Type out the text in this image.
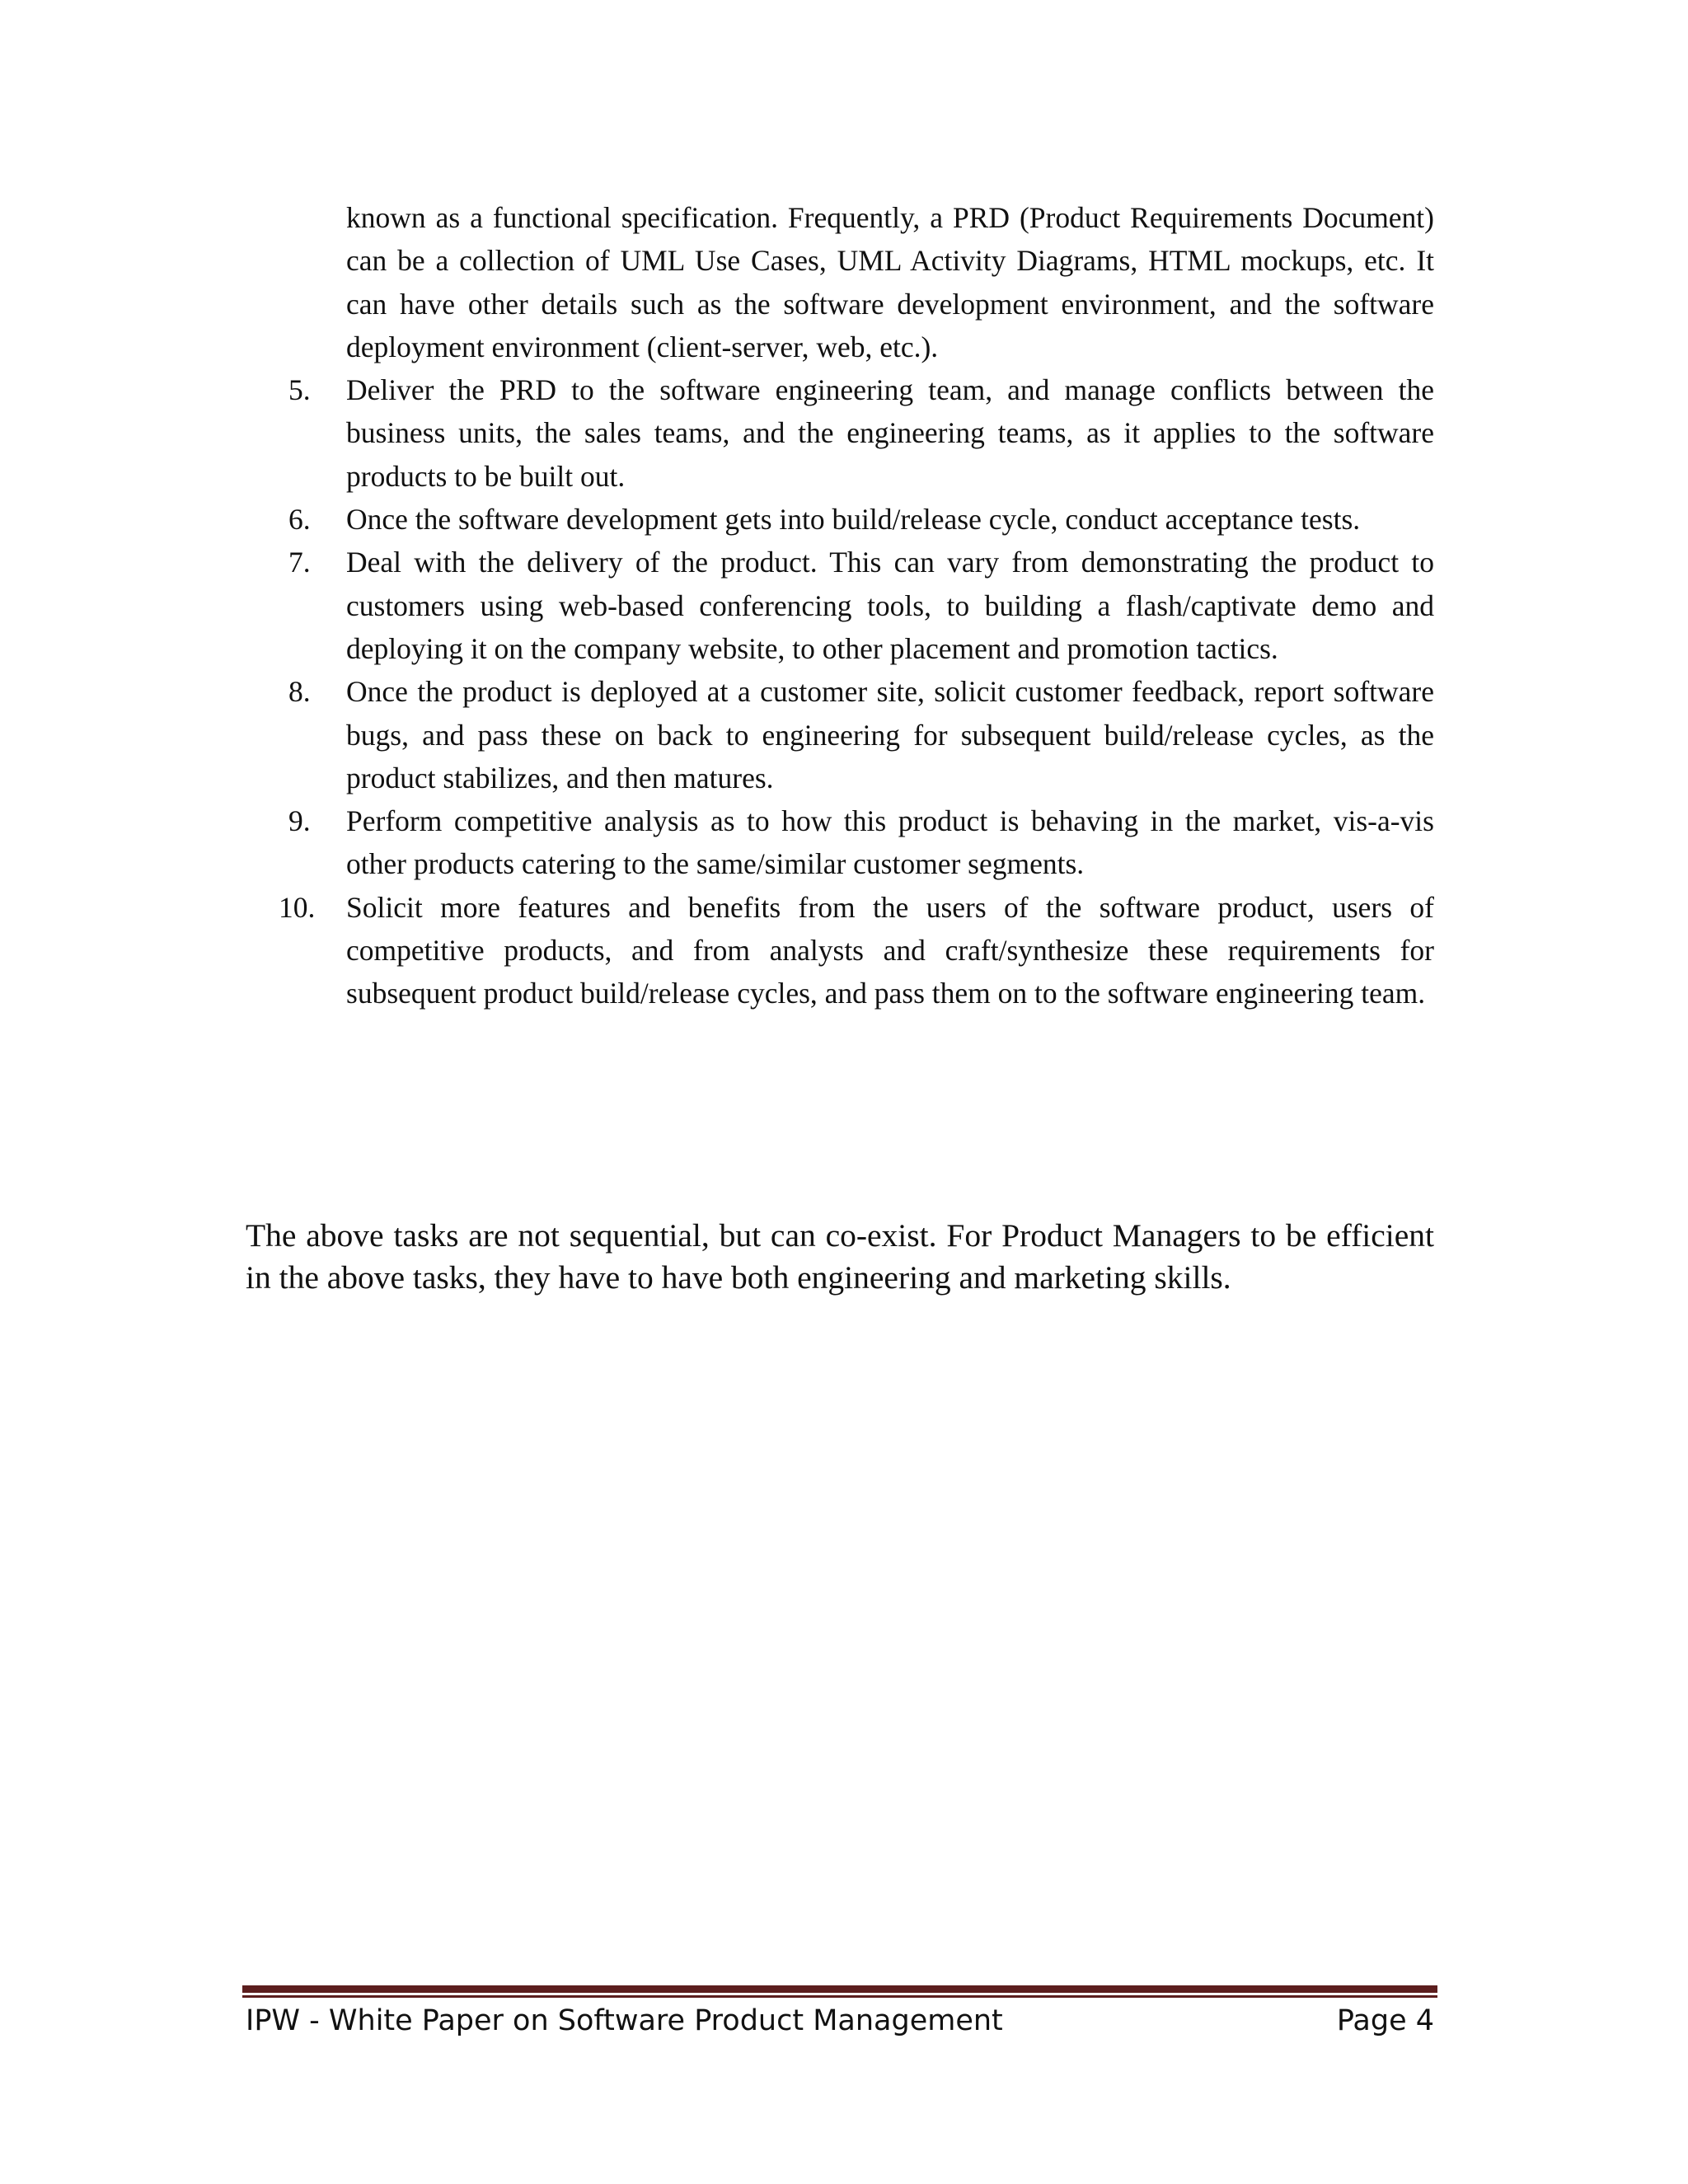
known as a functional specification. Frequently, a PRD (Product Requirements Document) can be a collection of UML Use Cases, UML Activity Diagrams, HTML mockups, etc. It can have other details such as the software development environment, and the software deployment environment (client-server, web, etc.).
5.	Deliver the PRD to the software engineering team, and manage conflicts between the business units, the sales teams, and the engineering teams, as it applies to the software products to be built out.
6.	Once the software development gets into build/release cycle, conduct acceptance tests.
7.	Deal with the delivery of the product. This can vary from demonstrating the product to customers using web-based conferencing tools, to building a flash/captivate demo and deploying it on the company website, to other placement and promotion tactics.
8.	Once the product is deployed at a customer site, solicit customer feedback, report software bugs, and pass these on back to engineering for subsequent build/release cycles, as the product stabilizes, and then matures.
9.	Perform competitive analysis as to how this product is behaving in the market, vis-a-vis other products catering to the same/similar customer segments.
10.	Solicit more features and benefits from the users of the software product, users of competitive products, and from analysts and craft/synthesize these requirements for subsequent product build/release cycles, and pass them on to the software engineering team.

The above tasks are not sequential, but can co-exist. For Product Managers to be efficient in the above tasks, they have to have both engineering and marketing skills.

IPW - White Paper on Software Product Management	Page 4
